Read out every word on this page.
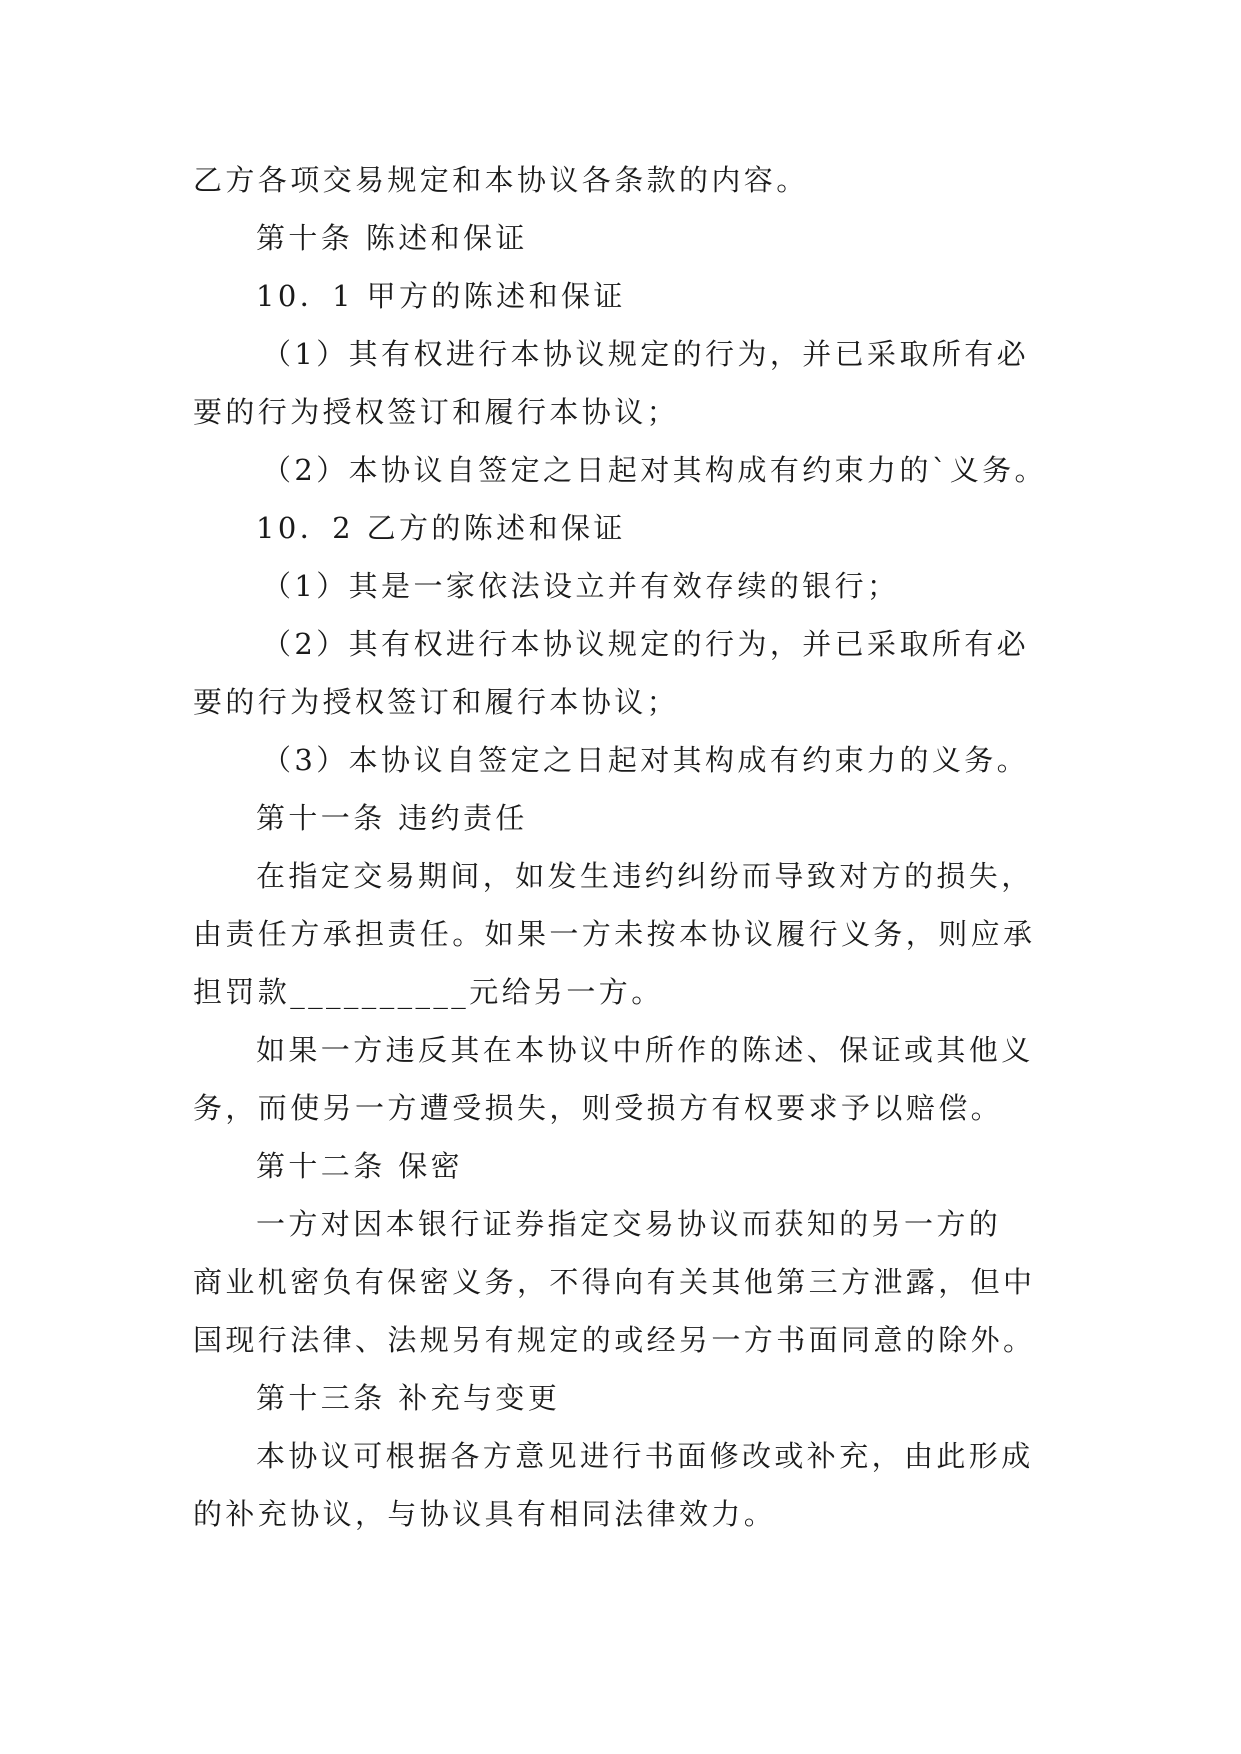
乙方各项交易规定和本协议各条款的内容。
第十条 陈述和保证
10．1 甲方的陈述和保证
（1）其有权进行本协议规定的行为，并已采取所有必
要的行为授权签订和履行本协议；
（2）本协议自签定之日起对其构成有约束力的`义务。
10．2 乙方的陈述和保证
（1）其是一家依法设立并有效存续的银行；
（2）其有权进行本协议规定的行为，并已采取所有必
要的行为授权签订和履行本协议；
（3）本协议自签定之日起对其构成有约束力的义务。
第十一条 违约责任
在指定交易期间，如发生违约纠纷而导致对方的损失，
由责任方承担责任。如果一方未按本协议履行义务，则应承
担罚款__________元给另一方。
如果一方违反其在本协议中所作的陈述、保证或其他义
务，而使另一方遭受损失，则受损方有权要求予以赔偿。
第十二条 保密
一方对因本银行证券指定交易协议而获知的另一方的
商业机密负有保密义务，不得向有关其他第三方泄露，但中
国现行法律、法规另有规定的或经另一方书面同意的除外。
第十三条 补充与变更
本协议可根据各方意见进行书面修改或补充，由此形成
的补充协议，与协议具有相同法律效力。
